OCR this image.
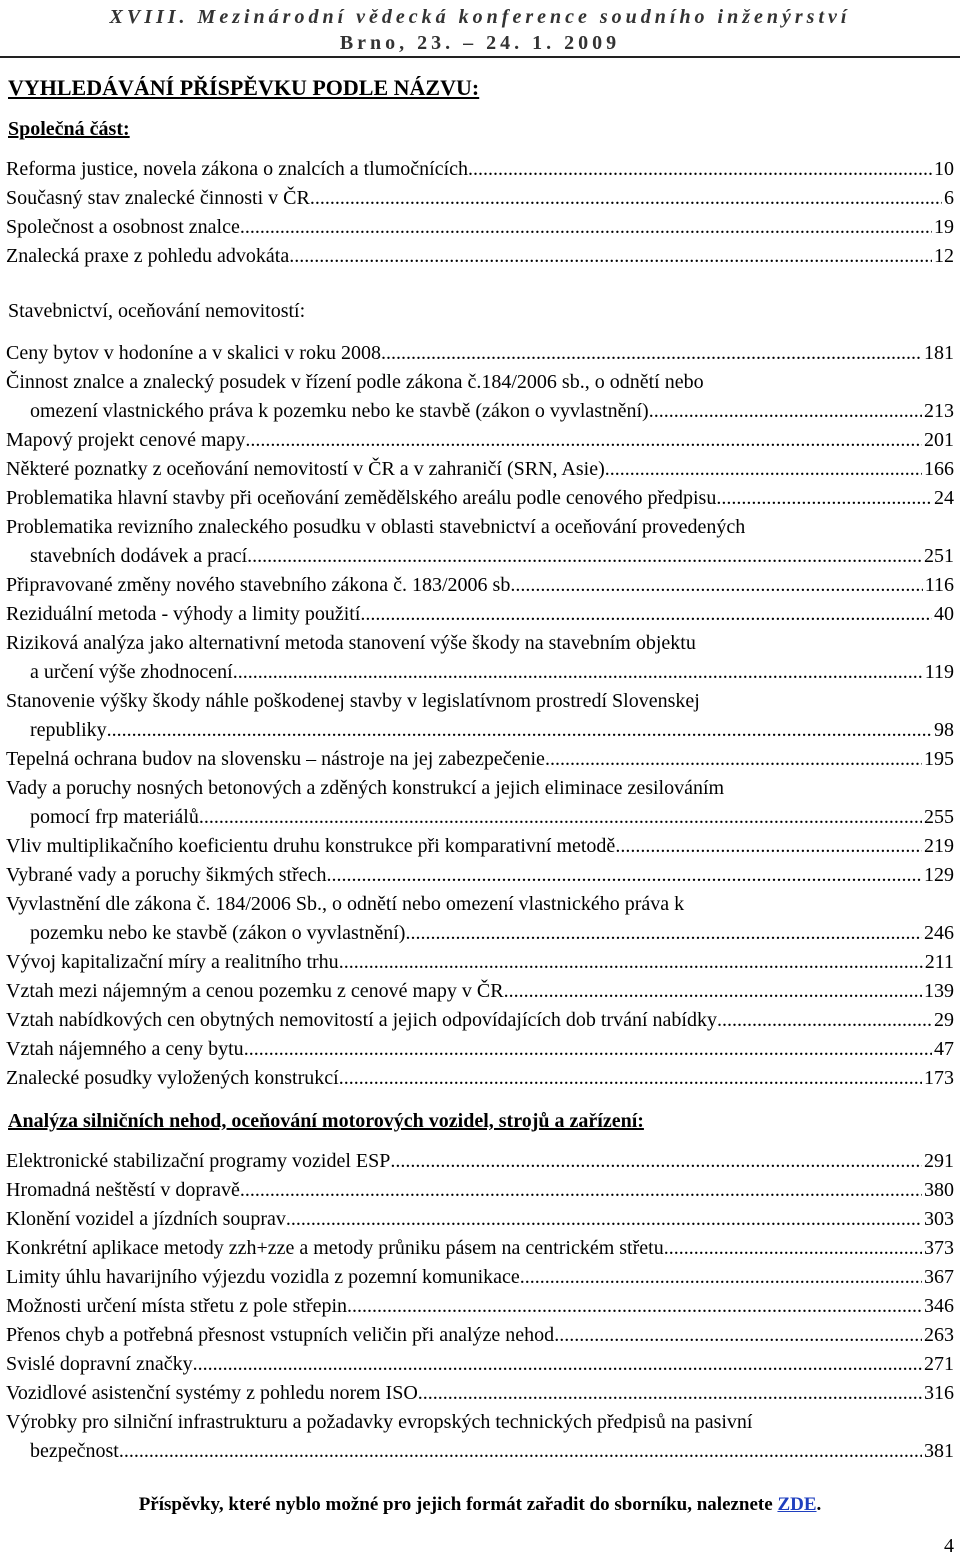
XVIII. Mezinárodní vědecká konference soudního inženýrství
Brno, 23. – 24. 1. 2009
VYHLEDÁVÁNÍ PŘÍSPĚVKU PODLE NÁZVU:
Společná část:
Reforma justice, novela zákona o znalcích a tlumočnících .....	10
Současný stav znalecké činnosti v ČR .....	6
Společnost a osobnost znalce .....	19
Znalecká praxe z pohledu advokáta .....	12
Stavebnictví, oceňování nemovitostí:
Ceny bytov v hodoníne a v skalici v roku 2008 .....	181
Činnost znalce a znalecký posudek v řízení podle zákona č.184/2006 sb., o odnětí nebo
omezení vlastnického práva k pozemku nebo ke stavbě (zákon o vyvlastnění) .....	213
Mapový projekt cenové mapy .....	201
Některé poznatky z oceňování nemovitostí v ČR a v zahraničí (SRN, Asie) .....	166
Problematika hlavní stavby při oceňování zemědělského areálu podle cenového předpisu .....	24
Problematika revizního znaleckého posudku v oblasti stavebnictví a oceňování provedených
stavebních dodávek a prací .....	251
Připravované změny nového stavebního zákona č. 183/2006 sb. .....	116
Reziduální metoda - výhody a limity použití .....	40
Riziková analýza jako alternativní metoda stanovení výše škody na stavebním objektu
a určení výše zhodnocení .....	119
Stanovenie výšky škody náhle poškodenej stavby v legislatívnom prostredí Slovenskej
republiky .....	98
Tepelná ochrana budov na slovensku – nástroje na jej zabezpečenie .....	195
Vady a poruchy nosných betonových a zděných konstrukcí a jejich eliminace zesilováním
pomocí frp materiálů .....	255
Vliv multiplikačního koeficientu druhu konstrukce při komparativní metodě .....	219
Vybrané vady a poruchy šikmých střech .....	129
Vyvlastnění dle zákona č. 184/2006 Sb., o odnětí nebo omezení vlastnického práva k
pozemku nebo ke stavbě (zákon o vyvlastnění) .....	246
Vývoj kapitalizační míry a realitního trhu .....	211
Vztah mezi nájemným a cenou pozemku z cenové mapy v ČR .....	139
Vztah nabídkových cen obytných nemovitostí a jejich odpovídajících dob trvání nabídky .....	29
Vztah nájemného a ceny bytu .....	47
Znalecké posudky vyložených konstrukcí .....	173
Analýza silničních nehod, oceňování motorových vozidel, strojů a zařízení:
Elektronické stabilizační programy vozidel ESP .....	291
Hromadná neštěstí v dopravě .....	380
Klonění vozidel a jízdních souprav .....	303
Konkrétní aplikace metody zzh+zze a metody průniku pásem na centrickém střetu .....	373
Limity úhlu havarijního výjezdu vozidla z pozemní komunikace .....	367
Možnosti určení místa střetu z pole střepin .....	346
Přenos chyb a potřebná přesnost vstupních veličin při analýze nehod .....	263
Svislé dopravní značky .....	271
Vozidlové asistenční systémy z pohledu norem ISO .....	316
Výrobky pro silniční infrastrukturu a požadavky evropských technických předpisů na pasivní
bezpečnost .....	381
Příspěvky, které nyblo možné pro jejich formát zařadit do sborníku, naleznete ZDE.
4
